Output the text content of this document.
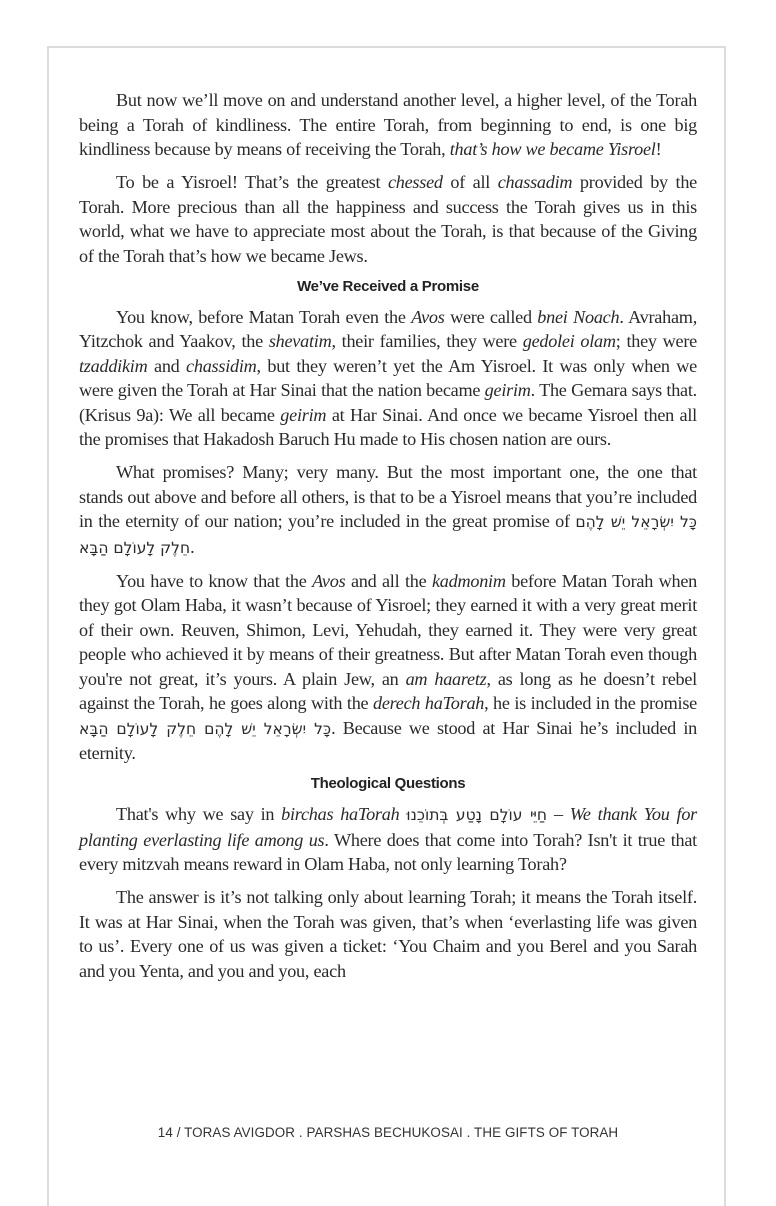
But now we’ll move on and understand another level, a higher level, of the Torah being a Torah of kindliness. The entire Torah, from beginning to end, is one big kindliness because by means of receiving the Torah, that’s how we became Yisroel!

To be a Yisroel! That’s the greatest chessed of all chassadim provided by the Torah. More precious than all the happiness and success the Torah gives us in this world, what we have to appreciate most about the Torah, is that because of the Giving of the Torah that’s how we became Jews.

We’ve Received a Promise

You know, before Matan Torah even the Avos were called bnei Noach. Avraham, Yitzchok and Yaakov, the shevatim, their families, they were gedolei olam; they were tzaddikim and chassidim, but they weren’t yet the Am Yisroel. It was only when we were given the Torah at Har Sinai that the nation became geirim. The Gemara says that. (Krisus 9a): We all became geirim at Har Sinai. And once we became Yisroel then all the promises that Hakadosh Baruch Hu made to His chosen nation are ours.

What promises? Many; very many. But the most important one, the one that stands out above and before all others, is that to be a Yisroel means that you’re included in the eternity of our nation; you’re included in the great promise of כָּל יִשְׂרָאֵל יֵשׁ לָהֶם חֵלֶק לָעוֹלָם הַבָּא.

You have to know that the Avos and all the kadmonim before Matan Torah when they got Olam Haba, it wasn’t because of Yisroel; they earned it with a very great merit of their own. Reuven, Shimon, Levi, Yehudah, they earned it. They were very great people who achieved it by means of their greatness. But after Matan Torah even though you're not great, it’s yours. A plain Jew, an am haaretz, as long as he doesn’t rebel against the Torah, he goes along with the derech haTorah, he is included in the promise כָּל יִשְׂרָאֵל יֵשׁ לָהֶם חֵלֶק לָעוֹלָם הַבָּא. Because we stood at Har Sinai he’s included in eternity.

Theological Questions

That's why we say in birchas haTorah חַיֵּי עוֹלָם נָטַע בְּתוֹכֵנוּ – We thank You for planting everlasting life among us. Where does that come into Torah? Isn't it true that every mitzvah means reward in Olam Haba, not only learning Torah?

The answer is it’s not talking only about learning Torah; it means the Torah itself. It was at Har Sinai, when the Torah was given, that’s when ‘everlasting life was given to us’. Every one of us was given a ticket: ‘You Chaim and you Berel and you Sarah and you Yenta, and you and you, each

14 / TORAS AVIGDOR . PARSHAS BECHUKOSAI . THE GIFTS OF TORAH
